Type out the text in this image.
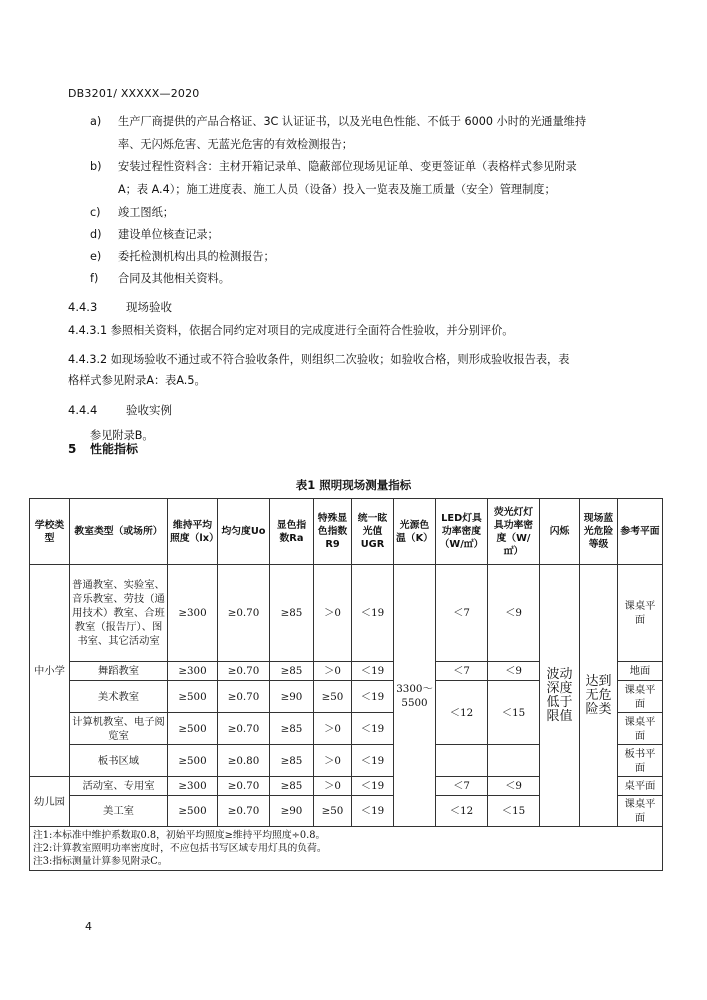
DB3201/ XXXXX—2020
a) 生产厂商提供的产品合格证、3C 认证证书，以及光电色性能、不低于 6000 小时的光通量维持
率、无闪烁危害、无蓝光危害的有效检测报告；
b) 安装过程性资料含：主材开箱记录单、隐蔽部位现场见证单、变更签证单（表格样式参见附录
A；表 A.4）；施工进度表、施工人员（设备）投入一览表及施工质量（安全）管理制度；
c) 竣工图纸；
d) 建设单位核查记录；
e) 委托检测机构出具的检测报告；
f) 合同及其他相关资料。
4.4.3 现场验收
4.4.3.1 参照相关资料，依据合同约定对项目的完成度进行全面符合性验收，并分别评价。
4.4.3.2 如现场验收不通过或不符合验收条件，则组织二次验收；如验收合格，则形成验收报告表，表
格样式参见附录A：表A.5。
4.4.4 验收实例
参见附录B。
5 性能指标
表1 照明现场测量指标
学校类型	教室类型（或场所）	维持平均照度（lx）	均匀度Uo	显色指数Ra	特殊显色指数R9	统一眩光值UGR	光源色温（K）	LED灯具功率密度（W/㎡）	荧光灯灯具功率密度（W/㎡）	闪烁	现场蓝光危险等级	参考平面
中小学	普通教室、实验室、音乐教室、劳技（通用技术）教室、合班教室（报告厅）、图书室、其它活动室	≥300	≥0.70	≥85	＞0	＜19	3300～5500	＜7	＜9	波动深度低于限值	达到无危险类	课桌平面
	舞蹈教室	≥300	≥0.70	≥85	＞0	＜19		＜7	＜9			地面
	美术教室	≥500	≥0.70	≥90	≥50	＜19		＜12	＜15			课桌平面
	计算机教室、电子阅览室	≥500	≥0.70	≥85	＞0	＜19						课桌平面
	板书区域	≥500	≥0.80	≥85	＞0	＜19						板书平面
幼儿园	活动室、专用室	≥300	≥0.70	≥85	＞0	＜19		＜7	＜9			桌平面
	美工室	≥500	≥0.70	≥90	≥50	＜19		＜12	＜15			课桌平面

注1:本标准中维护系数取0.8，初始平均照度≥维持平均照度÷0.8。
注2:计算教室照明功率密度时，不应包括书写区域专用灯具的负荷。
注3:指标测量计算参见附录C。												
4
